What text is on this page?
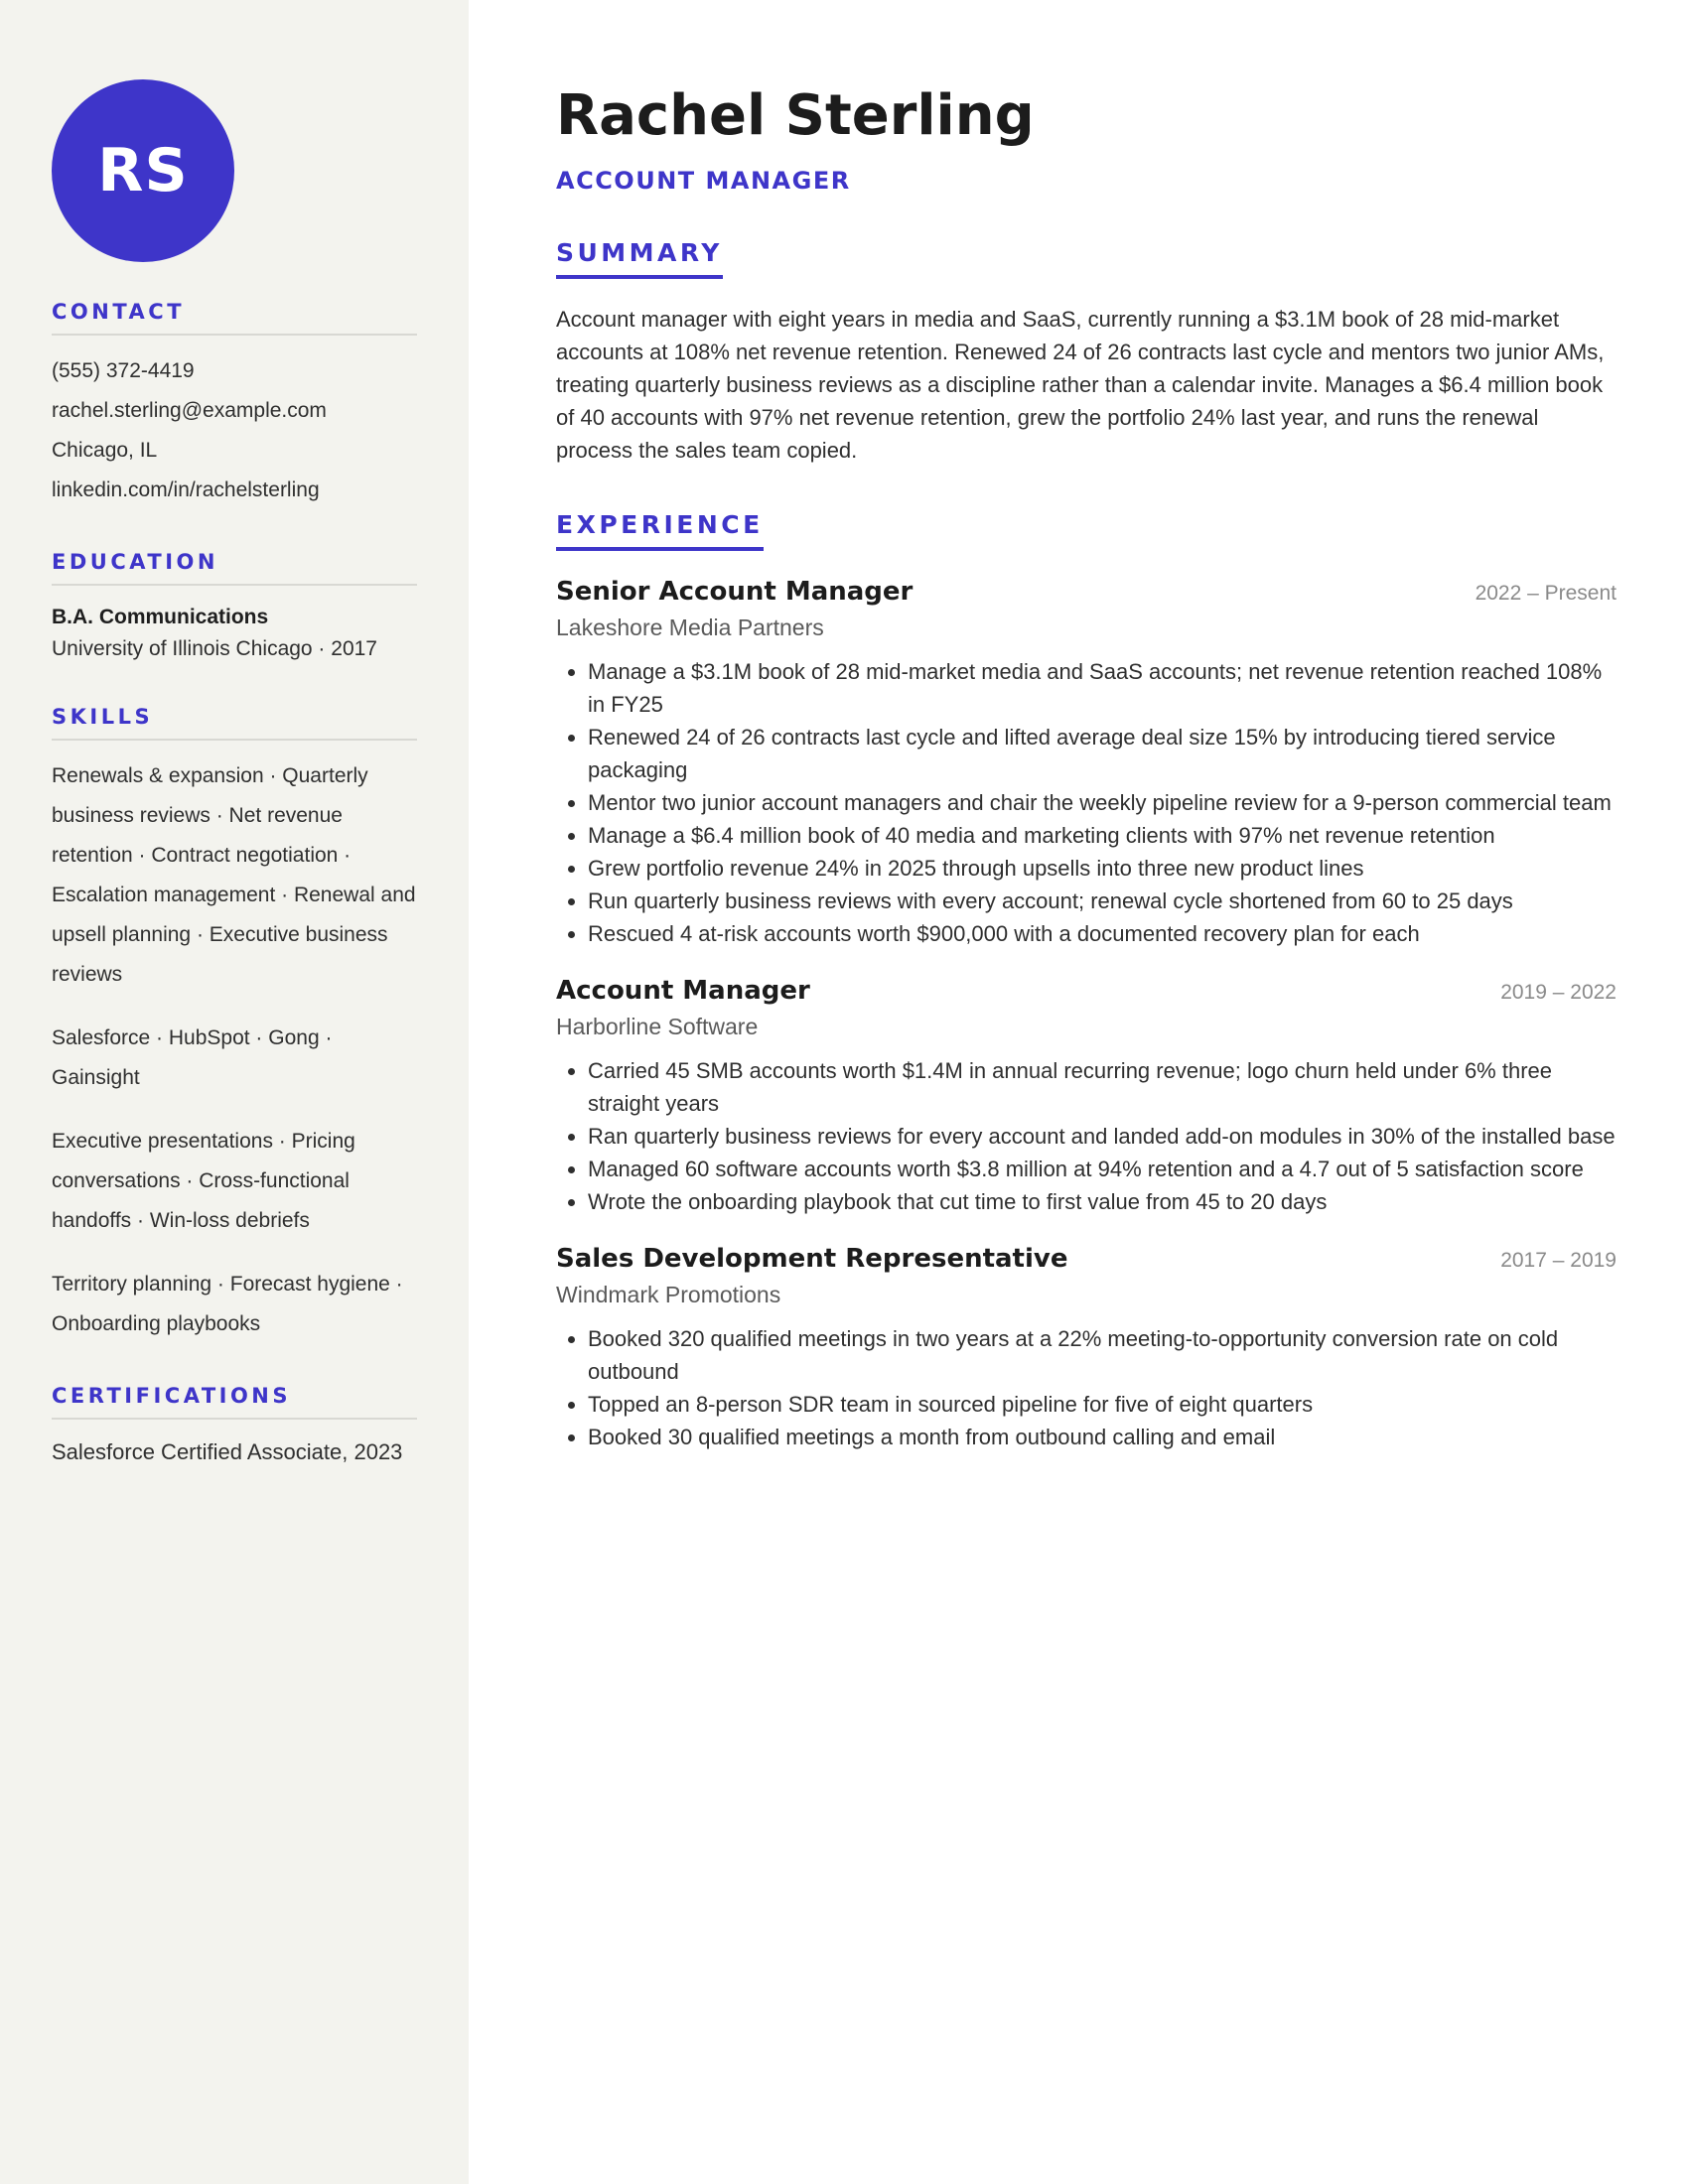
RS
CONTACT
(555) 372-4419
rachel.sterling@example.com
Chicago, IL
linkedin.com/in/rachelsterling
EDUCATION
B.A. Communications
University of Illinois Chicago · 2017
SKILLS
Renewals & expansion · Quarterly business reviews · Net revenue retention · Contract negotiation · Escalation management · Renewal and upsell planning · Executive business reviews
Salesforce · HubSpot · Gong · Gainsight
Executive presentations · Pricing conversations · Cross-functional handoffs · Win-loss debriefs
Territory planning · Forecast hygiene · Onboarding playbooks
CERTIFICATIONS
Salesforce Certified Associate, 2023
Rachel Sterling
ACCOUNT MANAGER
SUMMARY
Account manager with eight years in media and SaaS, currently running a $3.1M book of 28 mid-market accounts at 108% net revenue retention. Renewed 24 of 26 contracts last cycle and mentors two junior AMs, treating quarterly business reviews as a discipline rather than a calendar invite. Manages a $6.4 million book of 40 accounts with 97% net revenue retention, grew the portfolio 24% last year, and runs the renewal process the sales team copied.
EXPERIENCE
Senior Account Manager	2022 – Present
Lakeshore Media Partners
• Manage a $3.1M book of 28 mid-market media and SaaS accounts; net revenue retention reached 108% in FY25
• Renewed 24 of 26 contracts last cycle and lifted average deal size 15% by introducing tiered service packaging
• Mentor two junior account managers and chair the weekly pipeline review for a 9-person commercial team
• Manage a $6.4 million book of 40 media and marketing clients with 97% net revenue retention
• Grew portfolio revenue 24% in 2025 through upsells into three new product lines
• Run quarterly business reviews with every account; renewal cycle shortened from 60 to 25 days
• Rescued 4 at-risk accounts worth $900,000 with a documented recovery plan for each
Account Manager	2019 – 2022
Harborline Software
• Carried 45 SMB accounts worth $1.4M in annual recurring revenue; logo churn held under 6% three straight years
• Ran quarterly business reviews for every account and landed add-on modules in 30% of the installed base
• Managed 60 software accounts worth $3.8 million at 94% retention and a 4.7 out of 5 satisfaction score
• Wrote the onboarding playbook that cut time to first value from 45 to 20 days
Sales Development Representative	2017 – 2019
Windmark Promotions
• Booked 320 qualified meetings in two years at a 22% meeting-to-opportunity conversion rate on cold outbound
• Topped an 8-person SDR team in sourced pipeline for five of eight quarters
• Booked 30 qualified meetings a month from outbound calling and email
